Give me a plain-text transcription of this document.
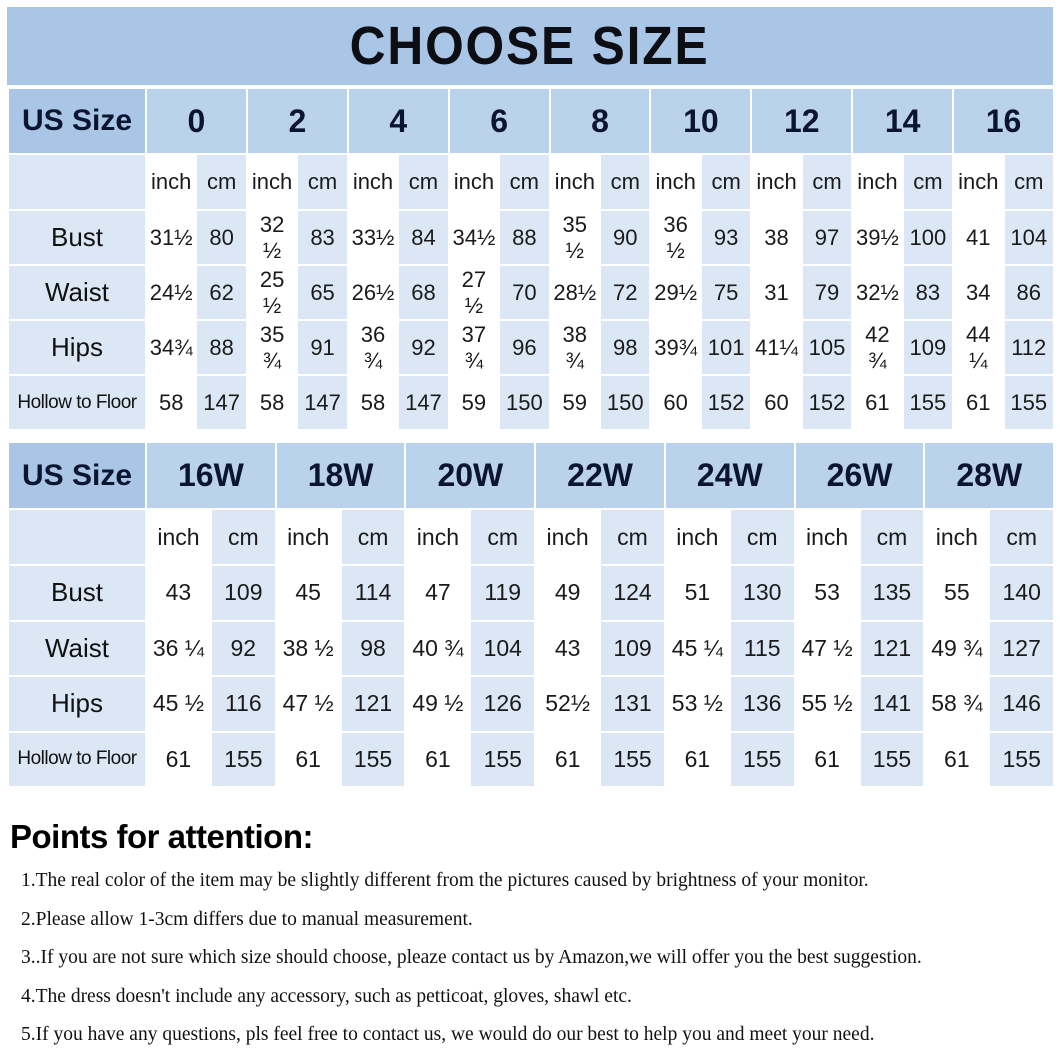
CHOOSE SIZE
US Size	0		2		4		6		8		10		12		14		16	
	inch	cm	inch	cm	inch	cm	inch	cm	inch	cm	inch	cm	inch	cm	inch	cm	inch	cm
Bust	31½	80	32 ½	83	33½	84	34½	88	35 ½	90	36 ½	93	38	97	39½	100	41	104
Waist	24½	62	25 ½	65	26½	68	27 ½	70	28½	72	29½	75	31	79	32½	83	34	86
Hips	34¾	88	35 ¾	91	36 ¾	92	37 ¾	96	38 ¾	98	39¾	101	41¼	105	42 ¾	109	44 ¼	112
Hollow to Floor	58	147	58	147	58	147	59	150	59	150	60	152	60	152	61	155	61	155
US Size	16W		18W		20W		22W		24W		26W		28W	
	inch	cm	inch	cm	inch	cm	inch	cm	inch	cm	inch	cm	inch	cm
Bust	43	109	45	114	47	119	49	124	51	130	53	135	55	140
Waist	36 ¼	92	38 ½	98	40 ¾	104	43	109	45 ¼	115	47 ½	121	49 ¾	127
Hips	45 ½	116	47 ½	121	49 ½	126	52½	131	53 ½	136	55 ½	141	58 ¾	146
Hollow to Floor	61	155	61	155	61	155	61	155	61	155	61	155	61	155
Points for attention:
1.The real color of the item may be slightly different from the pictures caused by brightness of your monitor.
2.Please allow 1-3cm differs due to manual measurement.
3..If you are not sure which size should choose, pleaze contact us by Amazon,we will offer you the best suggestion.
4.The dress doesn't include any accessory, such as petticoat, gloves, shawl etc.
5.If you have any questions, pls feel free to contact us, we would do our best to help you and meet your need.
